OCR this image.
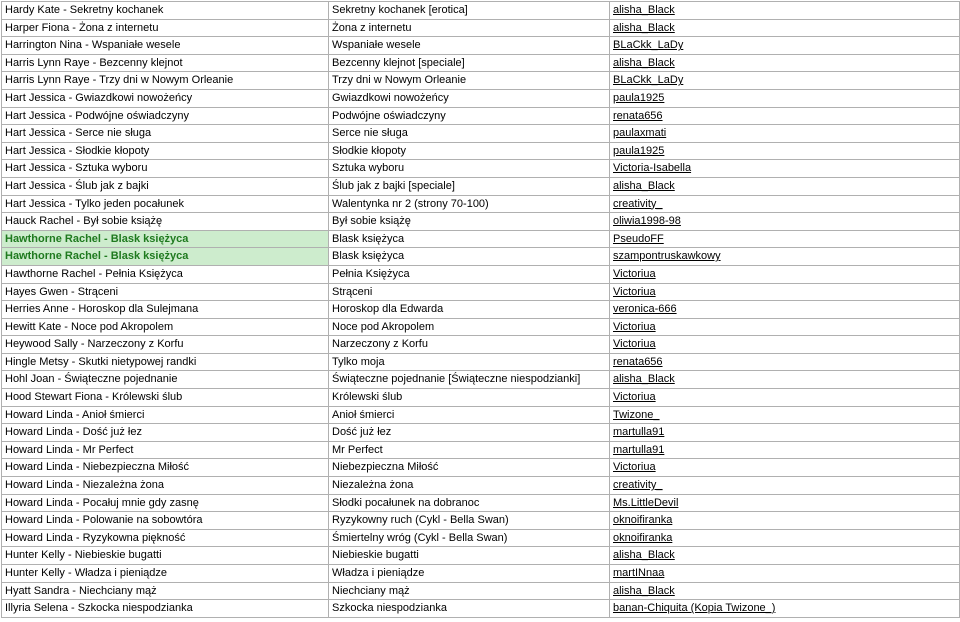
Hardy Kate - Sekretny kochanek	Sekretny kochanek [erotica]	alisha_Black
Harper Fiona - Żona z internetu	Żona z internetu	alisha_Black
Harrington Nina - Wspaniałe wesele	Wspaniałe wesele	BLaCkk_LaDy
Harris Lynn Raye - Bezcenny klejnot	Bezcenny klejnot [speciale]	alisha_Black
Harris Lynn Raye - Trzy dni w Nowym Orleanie	Trzy dni w Nowym Orleanie	BLaCkk_LaDy
Hart Jessica - Gwiazdkowi nowożeńcy	Gwiazdkowi nowożeńcy	paula1925
Hart Jessica - Podwójne oświadczyny	Podwójne oświadczyny	renata656
Hart Jessica - Serce nie sługa	Serce nie sługa	paulaxmati
Hart Jessica - Słodkie kłopoty	Słodkie kłopoty	paula1925
Hart Jessica - Sztuka wyboru	Sztuka wyboru	Victoria-Isabella
Hart Jessica - Ślub jak z bajki	Ślub jak z bajki [speciale]	alisha_Black
Hart Jessica - Tylko jeden pocałunek	Walentynka nr 2 (strony 70-100)	creativity_
Hauck Rachel - Był sobie książę	Był sobie książę	oliwia1998-98
Hawthorne Rachel - Blask księżyca	Blask księżyca	PseudoFF
Hawthorne Rachel - Blask księżyca	Blask księżyca	szampontruskawkowy
Hawthorne Rachel - Pełnia Księżyca	Pełnia Księżyca	Victoriua
Hayes Gwen - Strąceni	Strąceni	Victoriua
Herries Anne - Horoskop dla Sulejmana	Horoskop dla Edwarda	veronica-666
Hewitt Kate - Noce pod Akropolem	Noce pod Akropolem	Victoriua
Heywood Sally - Narzeczony z Korfu	Narzeczony z Korfu	Victoriua
Hingle Metsy - Skutki nietypowej randki	Tylko moja	renata656
Hohl Joan - Świąteczne pojednanie	Świąteczne pojednanie [Świąteczne niespodzianki]	alisha_Black
Hood Stewart Fiona - Królewski ślub	Królewski ślub	Victoriua
Howard Linda - Anioł śmierci	Anioł śmierci	Twizone_
Howard Linda - Dość już łez	Dość już łez	martulla91
Howard Linda - Mr Perfect	Mr Perfect	martulla91
Howard Linda - Niebezpieczna Miłość	Niebezpieczna Miłość	Victoriua
Howard Linda - Niezależna żona	Niezależna żona	creativity_
Howard Linda - Pocałuj mnie gdy zasnę	Słodki pocałunek na dobranoc	Ms.LittleDevil
Howard Linda - Polowanie na sobowtóra	Ryzykowny ruch (Cykl - Bella Swan)	oknoifiranka
Howard Linda - Ryzykowna piękność	Śmiertelny wróg (Cykl - Bella Swan)	oknoifiranka
Hunter Kelly - Niebieskie bugatti	Niebieskie bugatti	alisha_Black
Hunter Kelly - Władza i pieniądze	Władza i pieniądze	martINnaa
Hyatt Sandra - Niechciany mąż	Niechciany mąż	alisha_Black
Illyria Selena - Szkocka niespodzianka	Szkocka niespodzianka	banan-Chiquita (Kopia Twizone_)
